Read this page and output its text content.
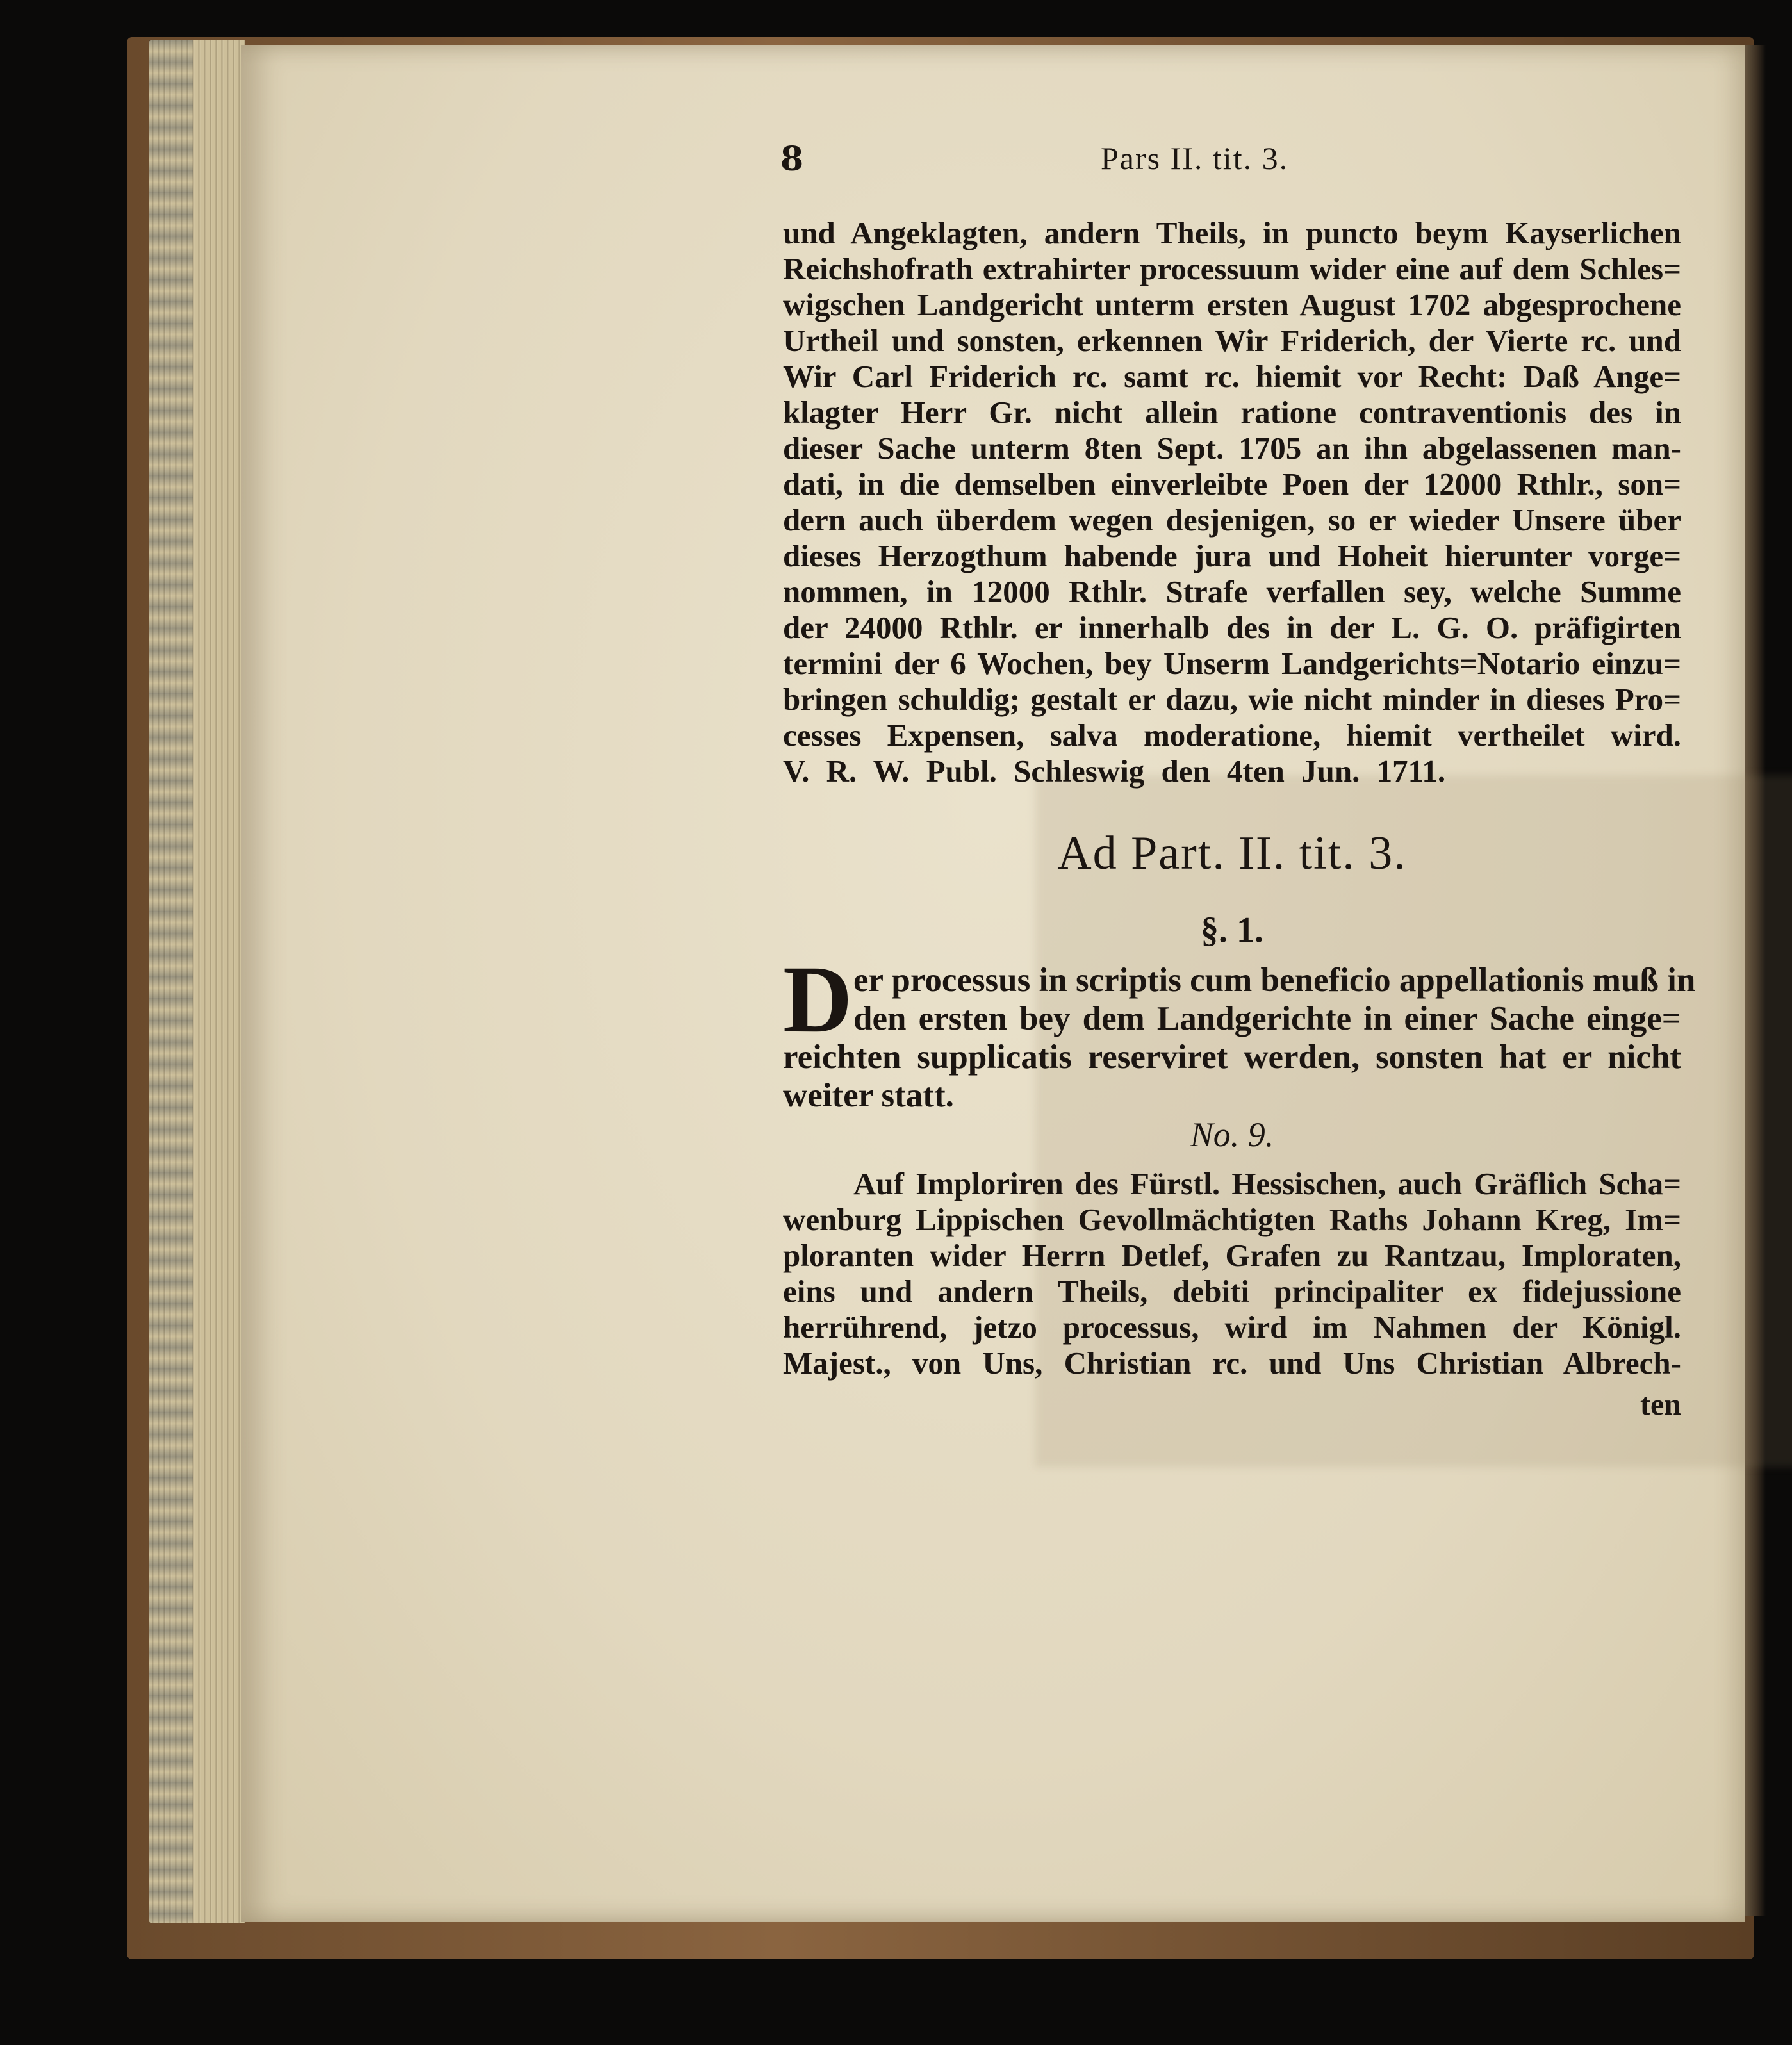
8	Pars II. tit. 3.
und Angeklagten, andern Theils, in puncto beym Kayserlichen
Reichshofrath extrahirter processuum wider eine auf dem Schles=
wigschen Landgericht unterm ersten August 1702 abgesprochene
Urtheil und sonsten, erkennen Wir Friderich, der Vierte rc. und
Wir Carl Friderich rc. samt rc. hiemit vor Recht: Daß Ange=
klagter Herr Gr. nicht allein ratione contraventionis des in
dieser Sache unterm 8ten Sept. 1705 an ihn abgelassenen man-
dati, in die demselben einverleibte Poen der 12000 Rthlr., son=
dern auch überdem wegen desjenigen, so er wieder Unsere über
dieses Herzogthum habende jura und Hoheit hierunter vorge=
nommen, in 12000 Rthlr. Strafe verfallen sey, welche Summe
der 24000 Rthlr. er innerhalb des in der L. G. O. präfigirten
termini der 6 Wochen, bey Unserm Landgerichts=Notario einzu=
bringen schuldig; gestalt er dazu, wie nicht minder in dieses Pro=
cesses Expensen, salva moderatione, hiemit vertheilet wird.
V. R. W. Publ. Schleswig den 4ten Jun. 1711.
Ad Part. II. tit. 3.
§. 1.
D er processus in scriptis cum beneficio appellationis muß in
den ersten bey dem Landgerichte in einer Sache einge=
reichten supplicatis reserviret werden, sonsten hat er nicht
weiter statt.
No. 9.
Auf Imploriren des Fürstl. Hessischen, auch Gräflich Scha=
wenburg Lippischen Gevollmächtigten Raths Johann Kreg, Im=
ploranten wider Herrn Detlef, Grafen zu Rantzau, Imploraten,
eins und andern Theils, debiti principaliter ex fidejussione
herrührend, jetzo processus, wird im Nahmen der Königl.
Majest., von Uns, Christian rc. und Uns Christian Albrech-
ten
